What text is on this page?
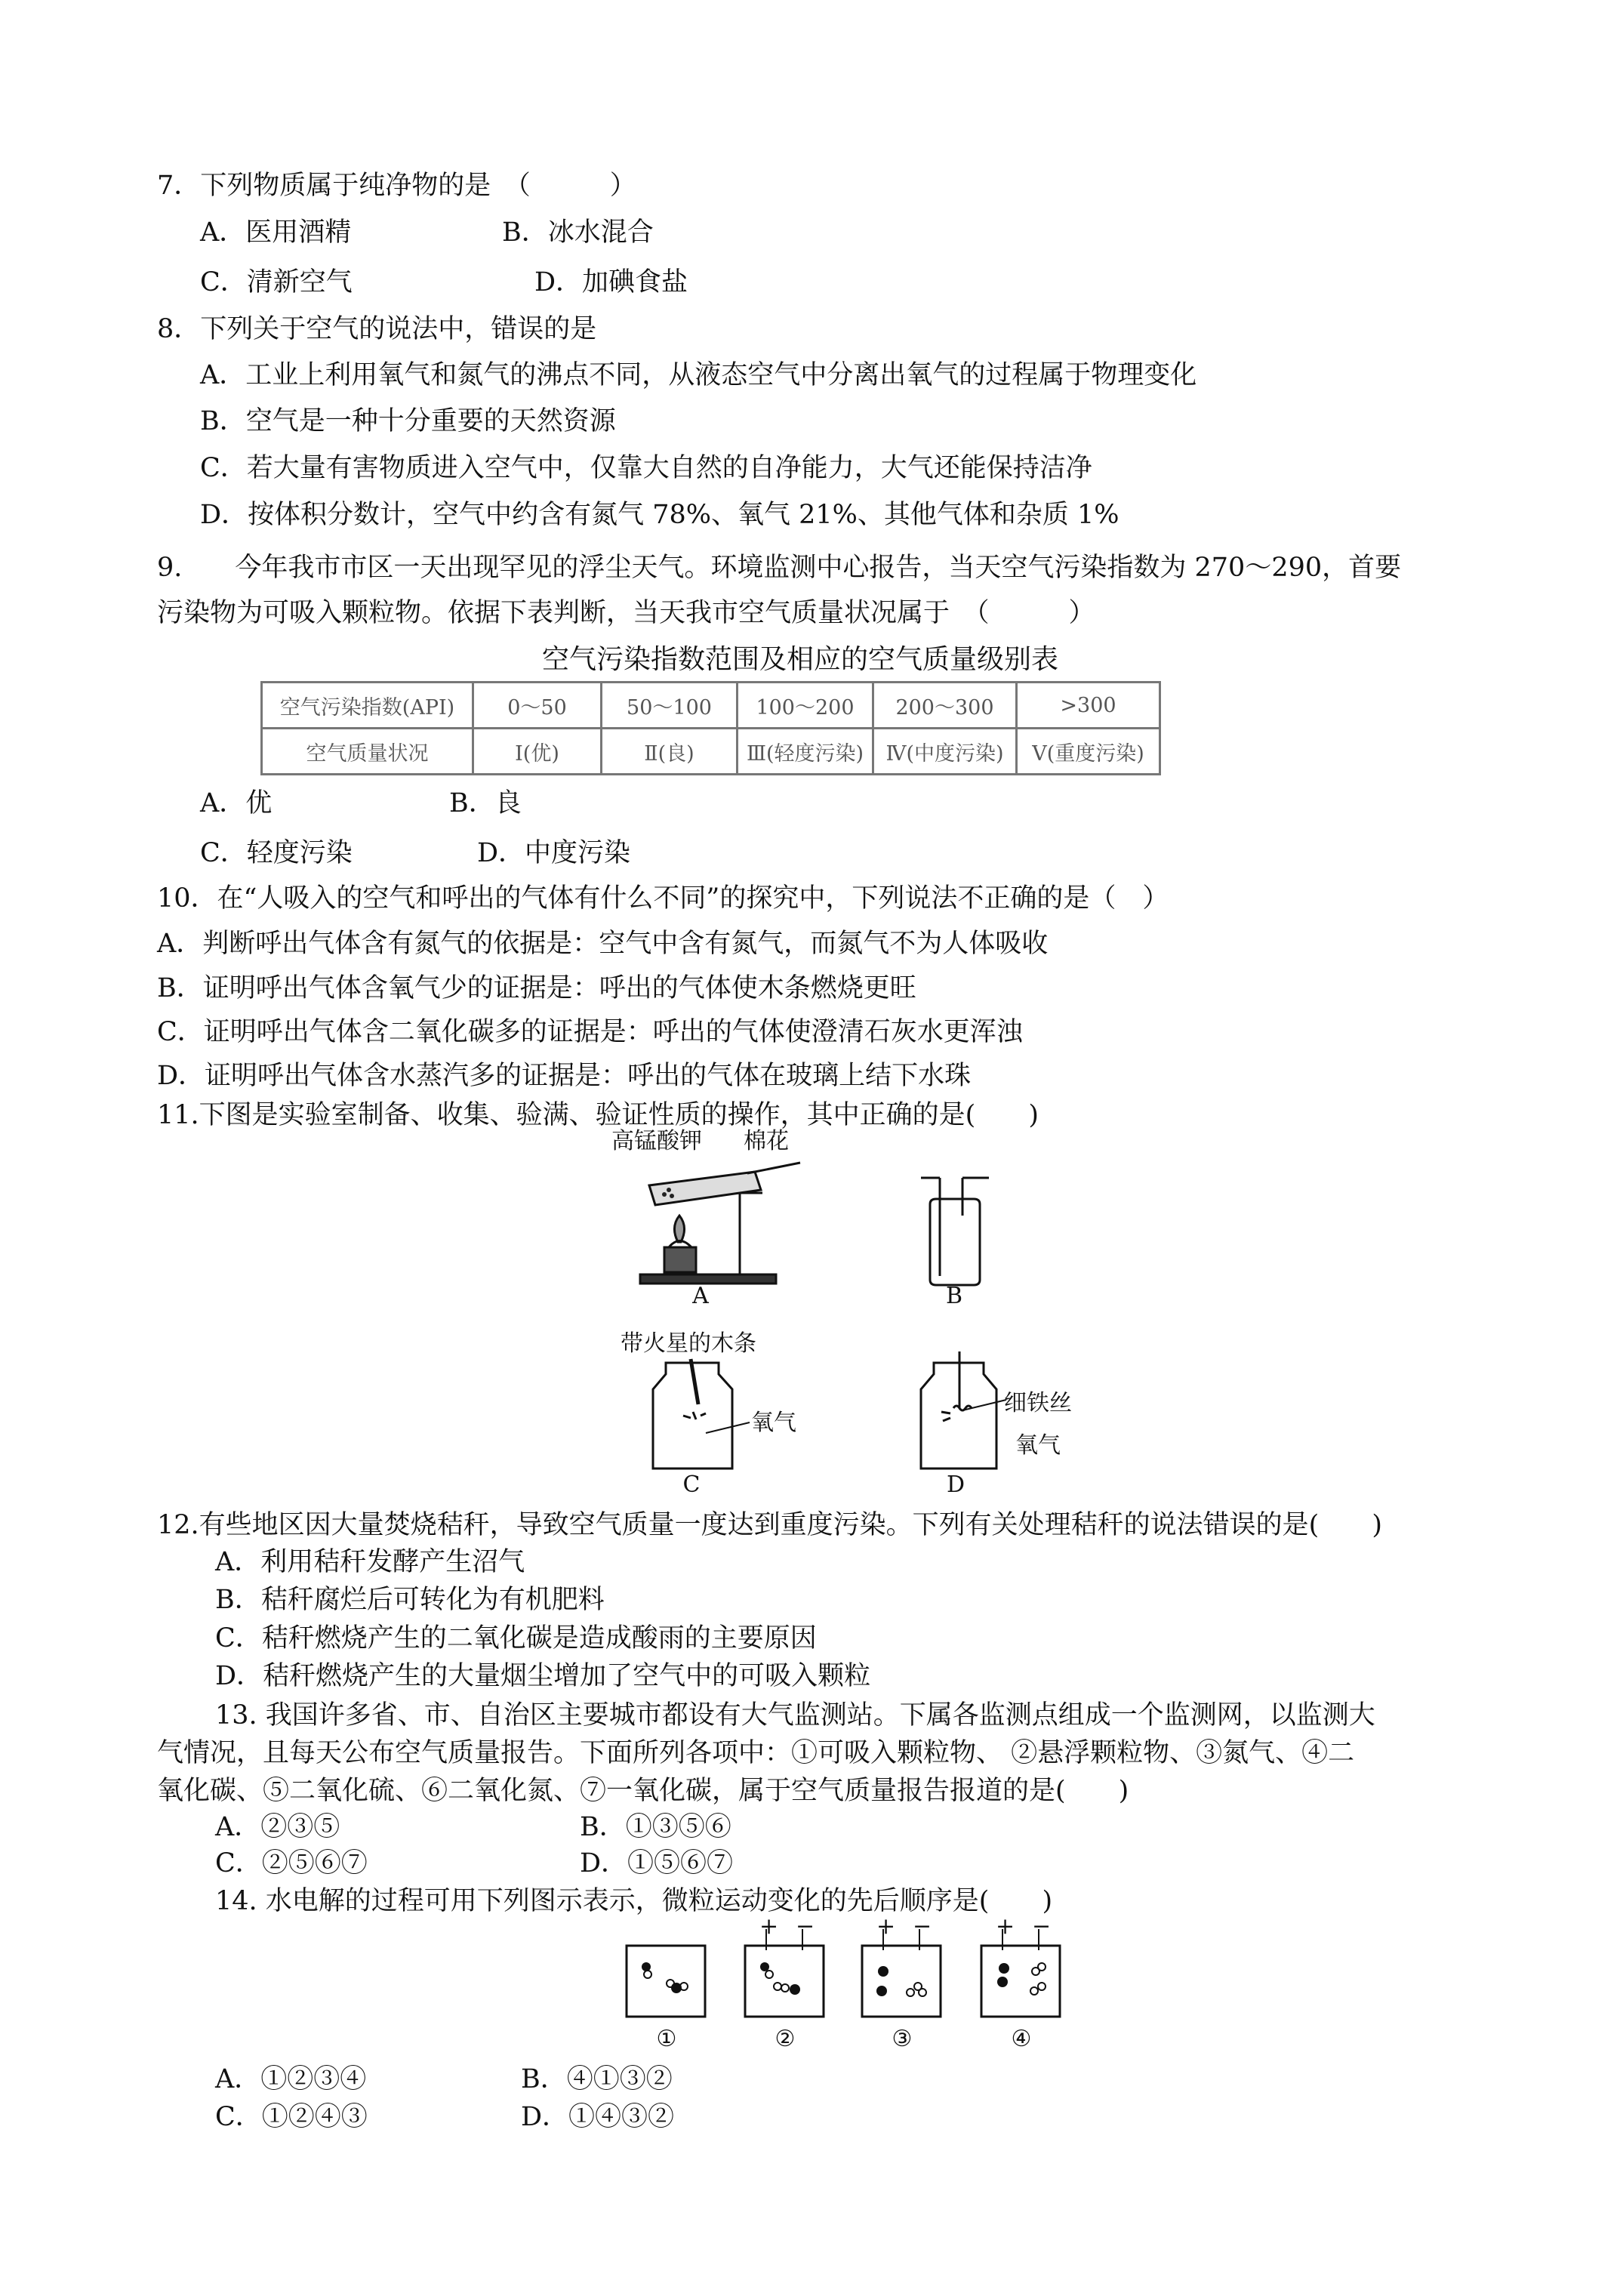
7．下列物质属于纯净物的是　（　　　）
A．医用酒精	B．冰水混合
C．清新空气	D．加碘食盐
8．下列关于空气的说法中，错误的是
A．工业上利用氧气和氮气的沸点不同，从液态空气中分离出氧气的过程属于物理变化
B．空气是一种十分重要的天然资源
C．若大量有害物质进入空气中，仅靠大自然的自净能力，大气还能保持洁净
D．按体积分数计，空气中约含有氮气 78%、氧气 21%、其他气体和杂质 1%
9.　　今年我市市区一天出现罕见的浮尘天气。环境监测中心报告，当天空气污染指数为 270～290，首要
污染物为可吸入颗粒物。依据下表判断，当天我市空气质量状况属于　（　　　）
空气污染指数范围及相应的空气质量级别表
空气污染指数(API)	0～50	50～100	100～200	200～300	>300
空气质量状况	Ⅰ(优)	Ⅱ(良)	Ⅲ(轻度污染)	Ⅳ(中度污染)	Ⅴ(重度污染)
A．优	B．良
C．轻度污染	D．中度污染
10．在“人吸入的空气和呼出的气体有什么不同”的探究中，下列说法不正确的是（　）
A．判断呼出气体含有氮气的依据是：空气中含有氮气，而氮气不为人体吸收
B．证明呼出气体含氧气少的证据是：呼出的气体使木条燃烧更旺
C．证明呼出气体含二氧化碳多的证据是：呼出的气体使澄清石灰水更浑浊
D．证明呼出气体含水蒸汽多的证据是：呼出的气体在玻璃上结下水珠
11.下图是实验室制备、收集、验满、验证性质的操作，其中正确的是(　　)
高锰酸钾 棉花
A	B
带火星的木条
氧气
C
细铁丝
氧气
D
12.有些地区因大量焚烧秸秆，导致空气质量一度达到重度污染。下列有关处理秸秆的说法错误的是(　　)
A．利用秸秆发酵产生沼气
B．秸秆腐烂后可转化为有机肥料
C．秸秆燃烧产生的二氧化碳是造成酸雨的主要原因
D．秸秆燃烧产生的大量烟尘增加了空气中的可吸入颗粒
13. 我国许多省、市、自治区主要城市都设有大气监测站。下属各监测点组成一个监测网，以监测大
气情况，且每天公布空气质量报告。下面所列各项中：①可吸入颗粒物、 ②悬浮颗粒物、③氮气、④二
氧化碳、⑤二氧化硫、⑥二氧化氮、⑦一氧化碳，属于空气质量报告报道的是(　　)
A．②③⑤	B．①③⑤⑥
C．②⑤⑥⑦	D．①⑤⑥⑦
14. 水电解的过程可用下列图示表示，微粒运动变化的先后顺序是(　　)
+ −	+ −	+ −
①	②	③	④
A．①②③④	B．④①③②
C．①②④③	D．①④③②
